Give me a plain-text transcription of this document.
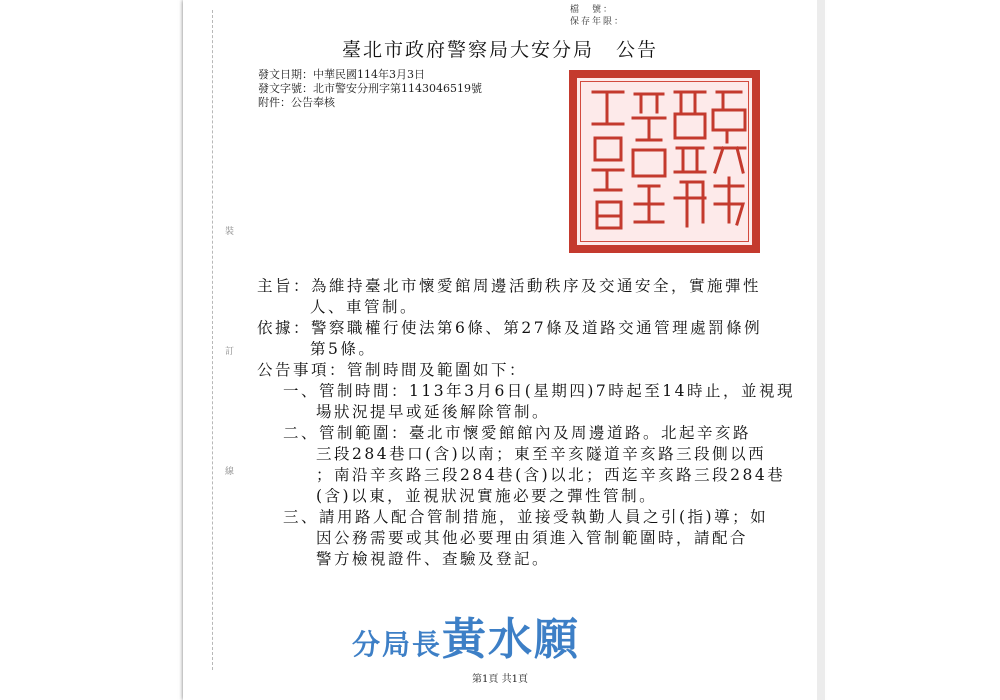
裝
訂
線
檔　號：
保存年限：
臺北市政府警察局大安分局 公告
發文日期：中華民國114年3月3日
發文字號：北市警安分刑字第1143046519號
附件：公告奉核
主旨：為維持臺北市懷愛館周邊活動秩序及交通安全，實施彈性
人、車管制。
依據：警察職權行使法第6條、第27條及道路交通管理處罰條例
第5條。
公告事項：管制時間及範圍如下：
一、管制時間：113年3月6日(星期四)7時起至14時止，並視現
場狀況提早或延後解除管制。
二、管制範圍：臺北市懷愛館館內及周邊道路。北起辛亥路
三段284巷口(含)以南；東至辛亥隧道辛亥路三段側以西
；南沿辛亥路三段284巷(含)以北；西迄辛亥路三段284巷
(含)以東，並視狀況實施必要之彈性管制。
三、請用路人配合管制措施，並接受執勤人員之引(指)導；如
因公務需要或其他必要理由須進入管制範圍時，請配合
警方檢視證件、查驗及登記。
分局長黃水願
第1頁 共1頁
